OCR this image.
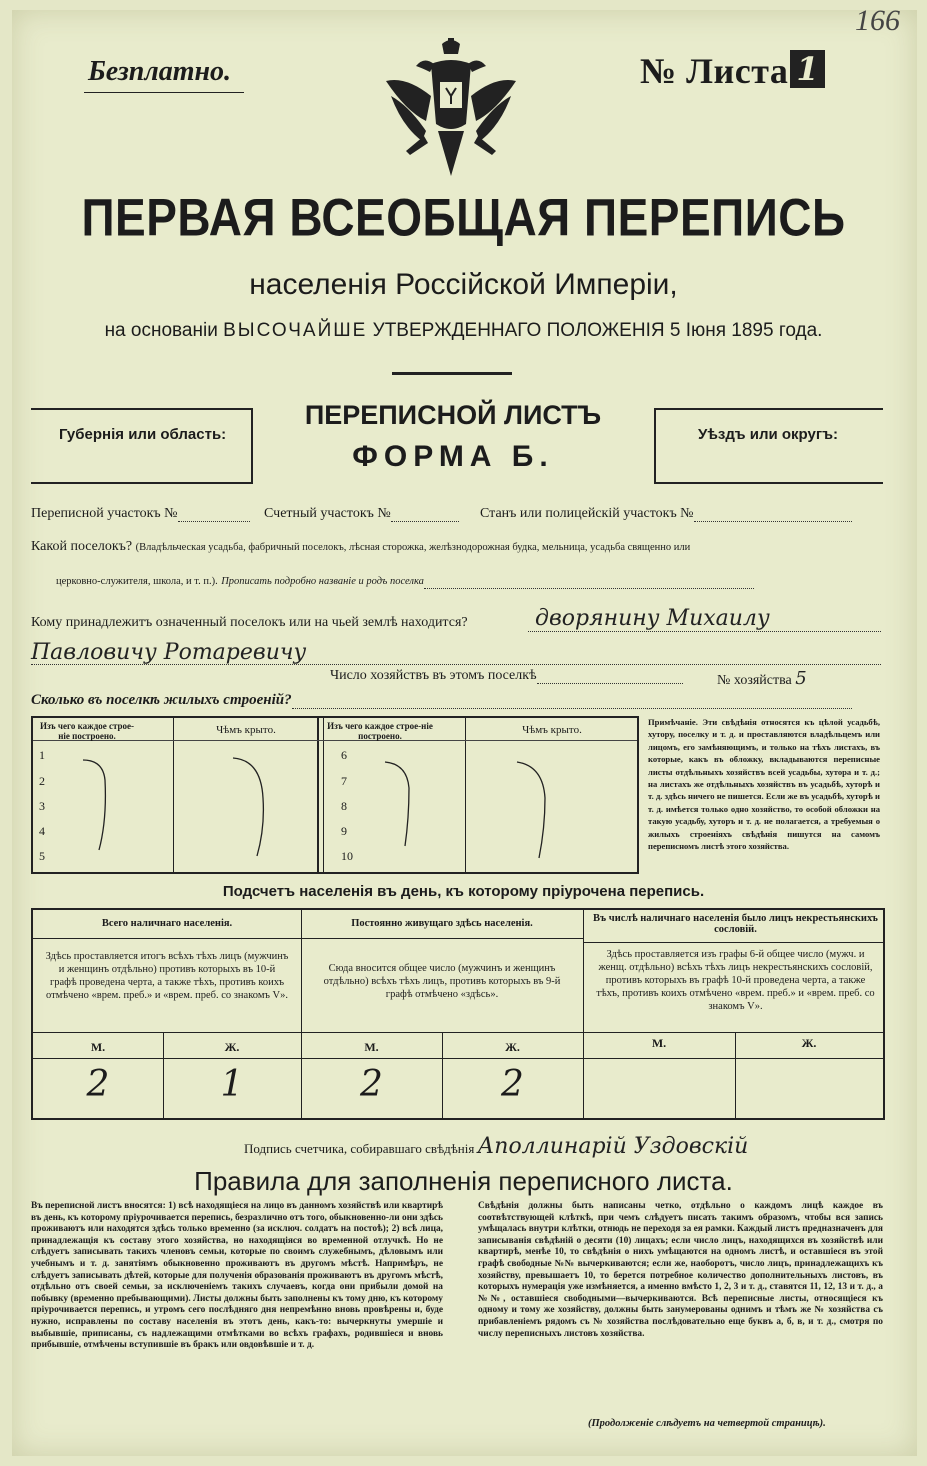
166
Безплатно.	№ Листа 1
ПЕРВАЯ ВСЕОБЩАЯ ПЕРЕПИСЬ
населенія Россійской Имперіи,
на основаніи ВЫСОЧАЙШЕ УТВЕРЖДЕННАГО ПОЛОЖЕНІЯ 5 Іюня 1895 года.
Губернія или область:
ПЕРЕПИСНОЙ ЛИСТЪ
ФОРМА Б.
Уѣздъ или округъ:
Переписной участокъ №	Счетный участокъ №	Станъ или полицейскій участокъ №
Какой поселокъ? (Владѣльческая усадьба, фабричный поселокъ, лѣсная сторожка, желѣзнодорожная будка, мельница, усадьба священно или
церковно-служителя, школа, и т. п.). Прописать подробно названіе и родъ поселка
Кому принадлежитъ означенный поселокъ или на чьей землѣ находится?	дворянину Михаилу
Павловичу Ротаревичу
Число хозяйствъ въ этомъ поселкѣ	№ хозяйства 5
Сколько въ поселкѣ жилыхъ строеній?
Изъ чего каждое строе-ніе построено.	Чѣмъ крыто.	Изъ чего каждое строе-ніе построено.	Чѣмъ крыто.
1
2
3
4
5
6
7
8
9
10
Примѣчаніе. Эти свѣдѣнія относятся къ цѣлой усадьбѣ, хутору, поселку и т. д. и проставляются владѣльцемъ или лицомъ, его замѣняющимъ, и только на тѣхъ листахъ, въ которые, какъ въ обложку, вкладываются переписные листы отдѣльныхъ хозяйствъ всей усадьбы, хутора и т. д.; на листахъ же отдѣльныхъ хозяйствъ въ усадьбѣ, хуторѣ и т. д. здѣсь ничего не пишется. Если же въ усадьбѣ, хуторѣ и т. д. имѣется только одно хозяйство, то особой обложки на такую усадьбу, хуторъ и т. д. не полагается, а требуемыя о жилыхъ строеніяхъ свѣдѣнія пишутся на самомъ переписномъ листѣ этого хозяйства.
Подсчетъ населенія въ день, къ которому пріурочена перепись.
Всего наличнаго населенія.	Постоянно живущаго здѣсь населенія.	Въ числѣ наличнаго населенія было лицъ некрестьянскихъ сословій.
Здѣсь проставляется итогъ всѣхъ тѣхъ лицъ (мужчинъ и женщинъ отдѣльно) противъ которыхъ въ 10-й графѣ проведена черта, а также тѣхъ, противъ коихъ отмѣчено «врем. преб.» и «врем. преб. со знакомъ V».
Сюда вносится общее число (мужчинъ и женщинъ отдѣльно) всѣхъ тѣхъ лицъ, противъ которыхъ въ 9-й графѣ отмѣчено «здѣсь».
Здѣсь проставляется изъ графы 6-й общее число (мужч. и женщ. отдѣльно) всѣхъ тѣхъ лицъ некрестьянскихъ сословій, противъ которыхъ въ графѣ 10-й проведена черта, а также тѣхъ, противъ коихъ отмѣчено «врем. преб.» и «врем. преб. со знакомъ V».
М.	Ж.	М.	Ж.	М.	Ж.
2	1	2	2
Подпись счетчика, собиравшаго свѣдѣнія Аполлинарій Уздовскій
Правила для заполненія переписного листа.
Въ переписной листъ вносятся: 1) всѣ находящіеся на лицо въ данномъ хозяйствѣ или квартирѣ въ день, къ которому пріурочивается перепись, безразлично отъ того, обыкновенно-ли они здѣсь проживаютъ или находятся здѣсь только временно (за исключ. солдатъ на постоѣ); 2) всѣ лица, принадлежащія къ составу этого хозяйства, но находящіяся во временной отлучкѣ. Но не слѣдуетъ записывать такихъ членовъ семьи, которые по своимъ служебнымъ, дѣловымъ или учебнымъ и т. д. занятіямъ обыкновенно проживаютъ въ другомъ мѣстѣ. Напримѣръ, не слѣдуетъ записывать дѣтей, которые для полученія образованія проживаютъ въ другомъ мѣстѣ, отдѣльно отъ своей семьи, за исключеніемъ такихъ случаевъ, когда они прибыли домой на побывку (временно пребывающими). Листы должны быть заполнены къ тому дню, къ которому пріурочивается перепись, и утромъ сего послѣдняго дня непремѣнно вновь провѣрены и, буде нужно, исправлены по составу населенія въ этотъ день, какъ-то: вычеркнуты умершіе и выбывшіе, приписаны, съ надлежащими отмѣтками во всѣхъ графахъ, родившіеся и вновь прибывшіе, отмѣчены вступившіе въ бракъ или овдовѣвшіе и т. д.
Свѣдѣнія должны быть написаны четко, отдѣльно о каждомъ лицѣ каждое въ соотвѣтствующей клѣткѣ, при чемъ слѣдуетъ писать такимъ образомъ, чтобы вся запись умѣщалась внутри клѣтки, отнюдь не переходя за ея рамки. Каждый листъ предназначенъ для записыванія свѣдѣній о десяти (10) лицахъ; если число лицъ, находящихся въ хозяйствѣ или квартирѣ, менѣе 10, то свѣдѣнія о нихъ умѣщаются на одномъ листѣ, и оставшіеся въ этой графѣ свободные №№ вычеркиваются; если же, наоборотъ, число лицъ, принадлежащихъ къ хозяйству, превышаетъ 10, то берется потребное количество дополнительныхъ листовъ, въ которыхъ нумерація уже измѣняется, а именно вмѣсто 1, 2, 3 и т. д., ставятся 11, 12, 13 и т. д., а №№, оставшіеся свободными—вычеркиваются. Всѣ переписные листы, относящіеся къ одному и тому же хозяйству, должны быть занумерованы однимъ и тѣмъ же № хозяйства съ прибавленіемъ рядомъ съ № хозяйства послѣдовательно еще буквъ а, б, в, и т. д., смотря по числу переписныхъ листовъ хозяйства.
(Продолженіе слѣдуетъ на четвертой страницѣ).
